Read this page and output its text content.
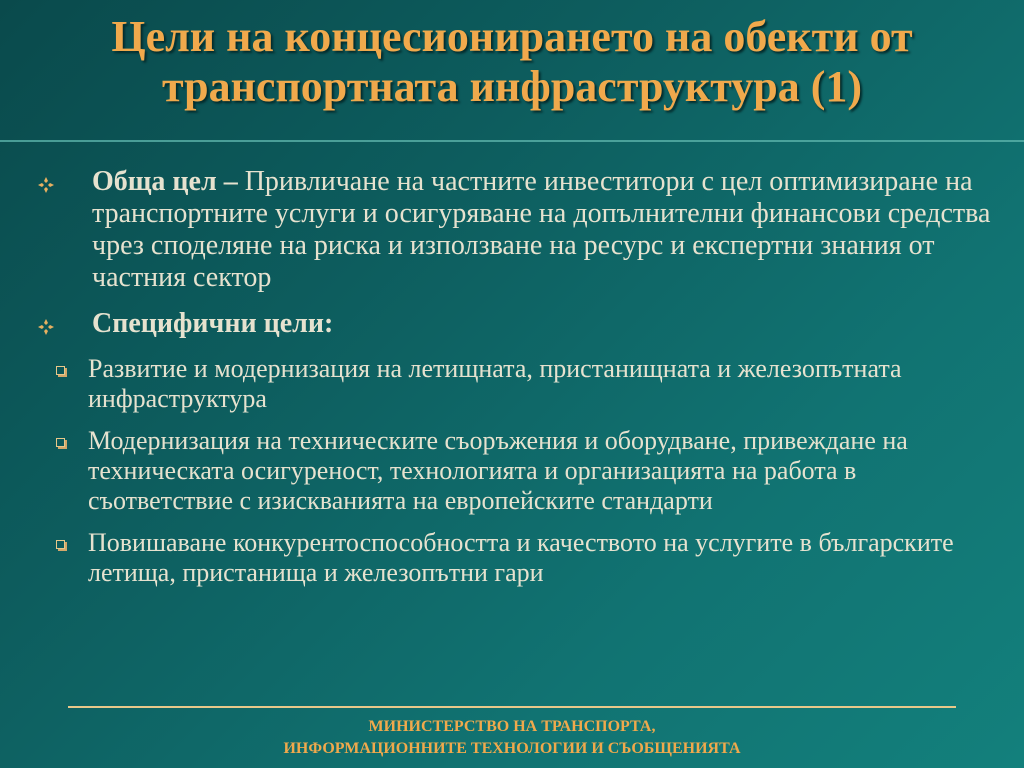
Цели на концесионирането на обекти от
транспортната инфраструктура (1)
Обща цел – Привличане на частните инвеститори с цел оптимизиране на транспортните услуги и осигуряване на допълнителни финансови средства чрез споделяне на риска и използване на ресурс и експертни знания от частния сектор
Специфични цели:
Развитие и модернизация на летищната, пристанищната и железопътната инфраструктура
Модернизация на техническите съоръжения и оборудване, привеждане на техническата осигуреност, технологията и организацията на работа в съответствие с изискванията на европейските стандарти
Повишаване конкурентоспособността и качеството на услугите в българските летища, пристанища и железопътни гари
МИНИСТЕРСТВО НА ТРАНСПОРТА,
ИНФОРМАЦИОННИТЕ ТЕХНОЛОГИИ И СЪОБЩЕНИЯТА
